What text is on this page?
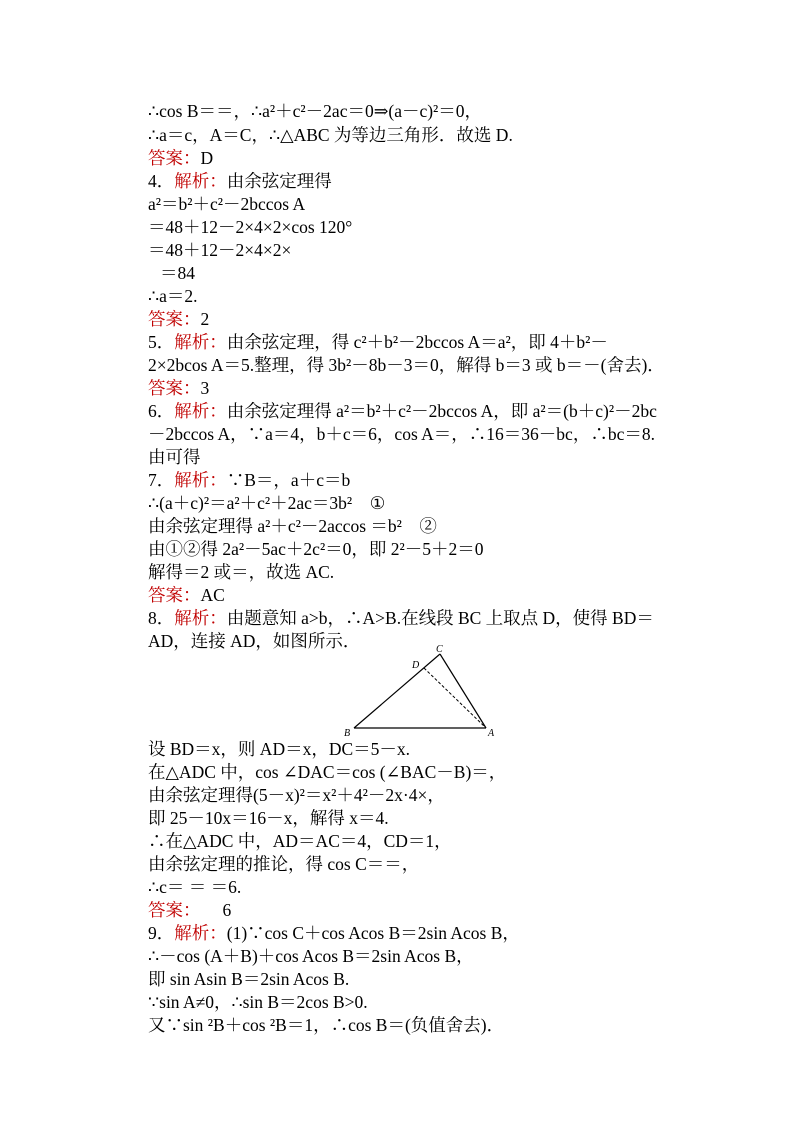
∴cos B＝＝，∴a²＋c²－2ac＝0⇒(a－c)²＝0，
∴a＝c，A＝C，∴△ABC 为等边三角形．故选 D.
答案：D
4．解析：由余弦定理得
a²＝b²＋c²－2bccos A
＝48＋12－2×4×2×cos 120°
＝48＋12－2×4×2×
＝84
∴a＝2.
答案：2
5．解析：由余弦定理，得 c²＋b²－2bccos A＝a²，即 4＋b²－
2×2bcos A＝5.整理，得 3b²－8b－3＝0，解得 b＝3 或 b＝－(舍去)．
答案：3
6．解析：由余弦定理得 a²＝b²＋c²－2bccos A，即 a²＝(b＋c)²－2bc
－2bccos A，∵a＝4，b＋c＝6，cos A＝，∴16＝36－bc，∴bc＝8.
由可得
7．解析：∵B＝，a＋c＝b
∴(a＋c)²＝a²＋c²＋2ac＝3b²　①
由余弦定理得 a²＋c²－2accos ＝b²　②
由①②得 2a²－5ac＋2c²＝0，即 2²－5＋2＝0
解得＝2 或＝，故选 AC.
答案：AC
8．解析：由题意知 a>b，∴A>B.在线段 BC 上取点 D，使得 BD＝
AD，连接 AD，如图所示．
B	A
C
D
设 BD＝x，则 AD＝x，DC＝5－x.
在△ADC 中，cos ∠DAC＝cos (∠BAC－B)＝，
由余弦定理得(5－x)²＝x²＋4²－2x·4×，
即 25－10x＝16－x，解得 x＝4.
∴在△ADC 中，AD＝AC＝4，CD＝1，
由余弦定理的推论，得 cos C＝＝，
∴c＝ ＝ ＝6.
答案： 6
9．解析：(1)∵cos C＋cos Acos B＝2sin Acos B，
∴－cos (A＋B)＋cos Acos B＝2sin Acos B，
即 sin Asin B＝2sin Acos B.
∵sin A≠0，∴sin B＝2cos B>0.
又∵sin ²B＋cos ²B＝1，∴cos B＝(负值舍去)．
